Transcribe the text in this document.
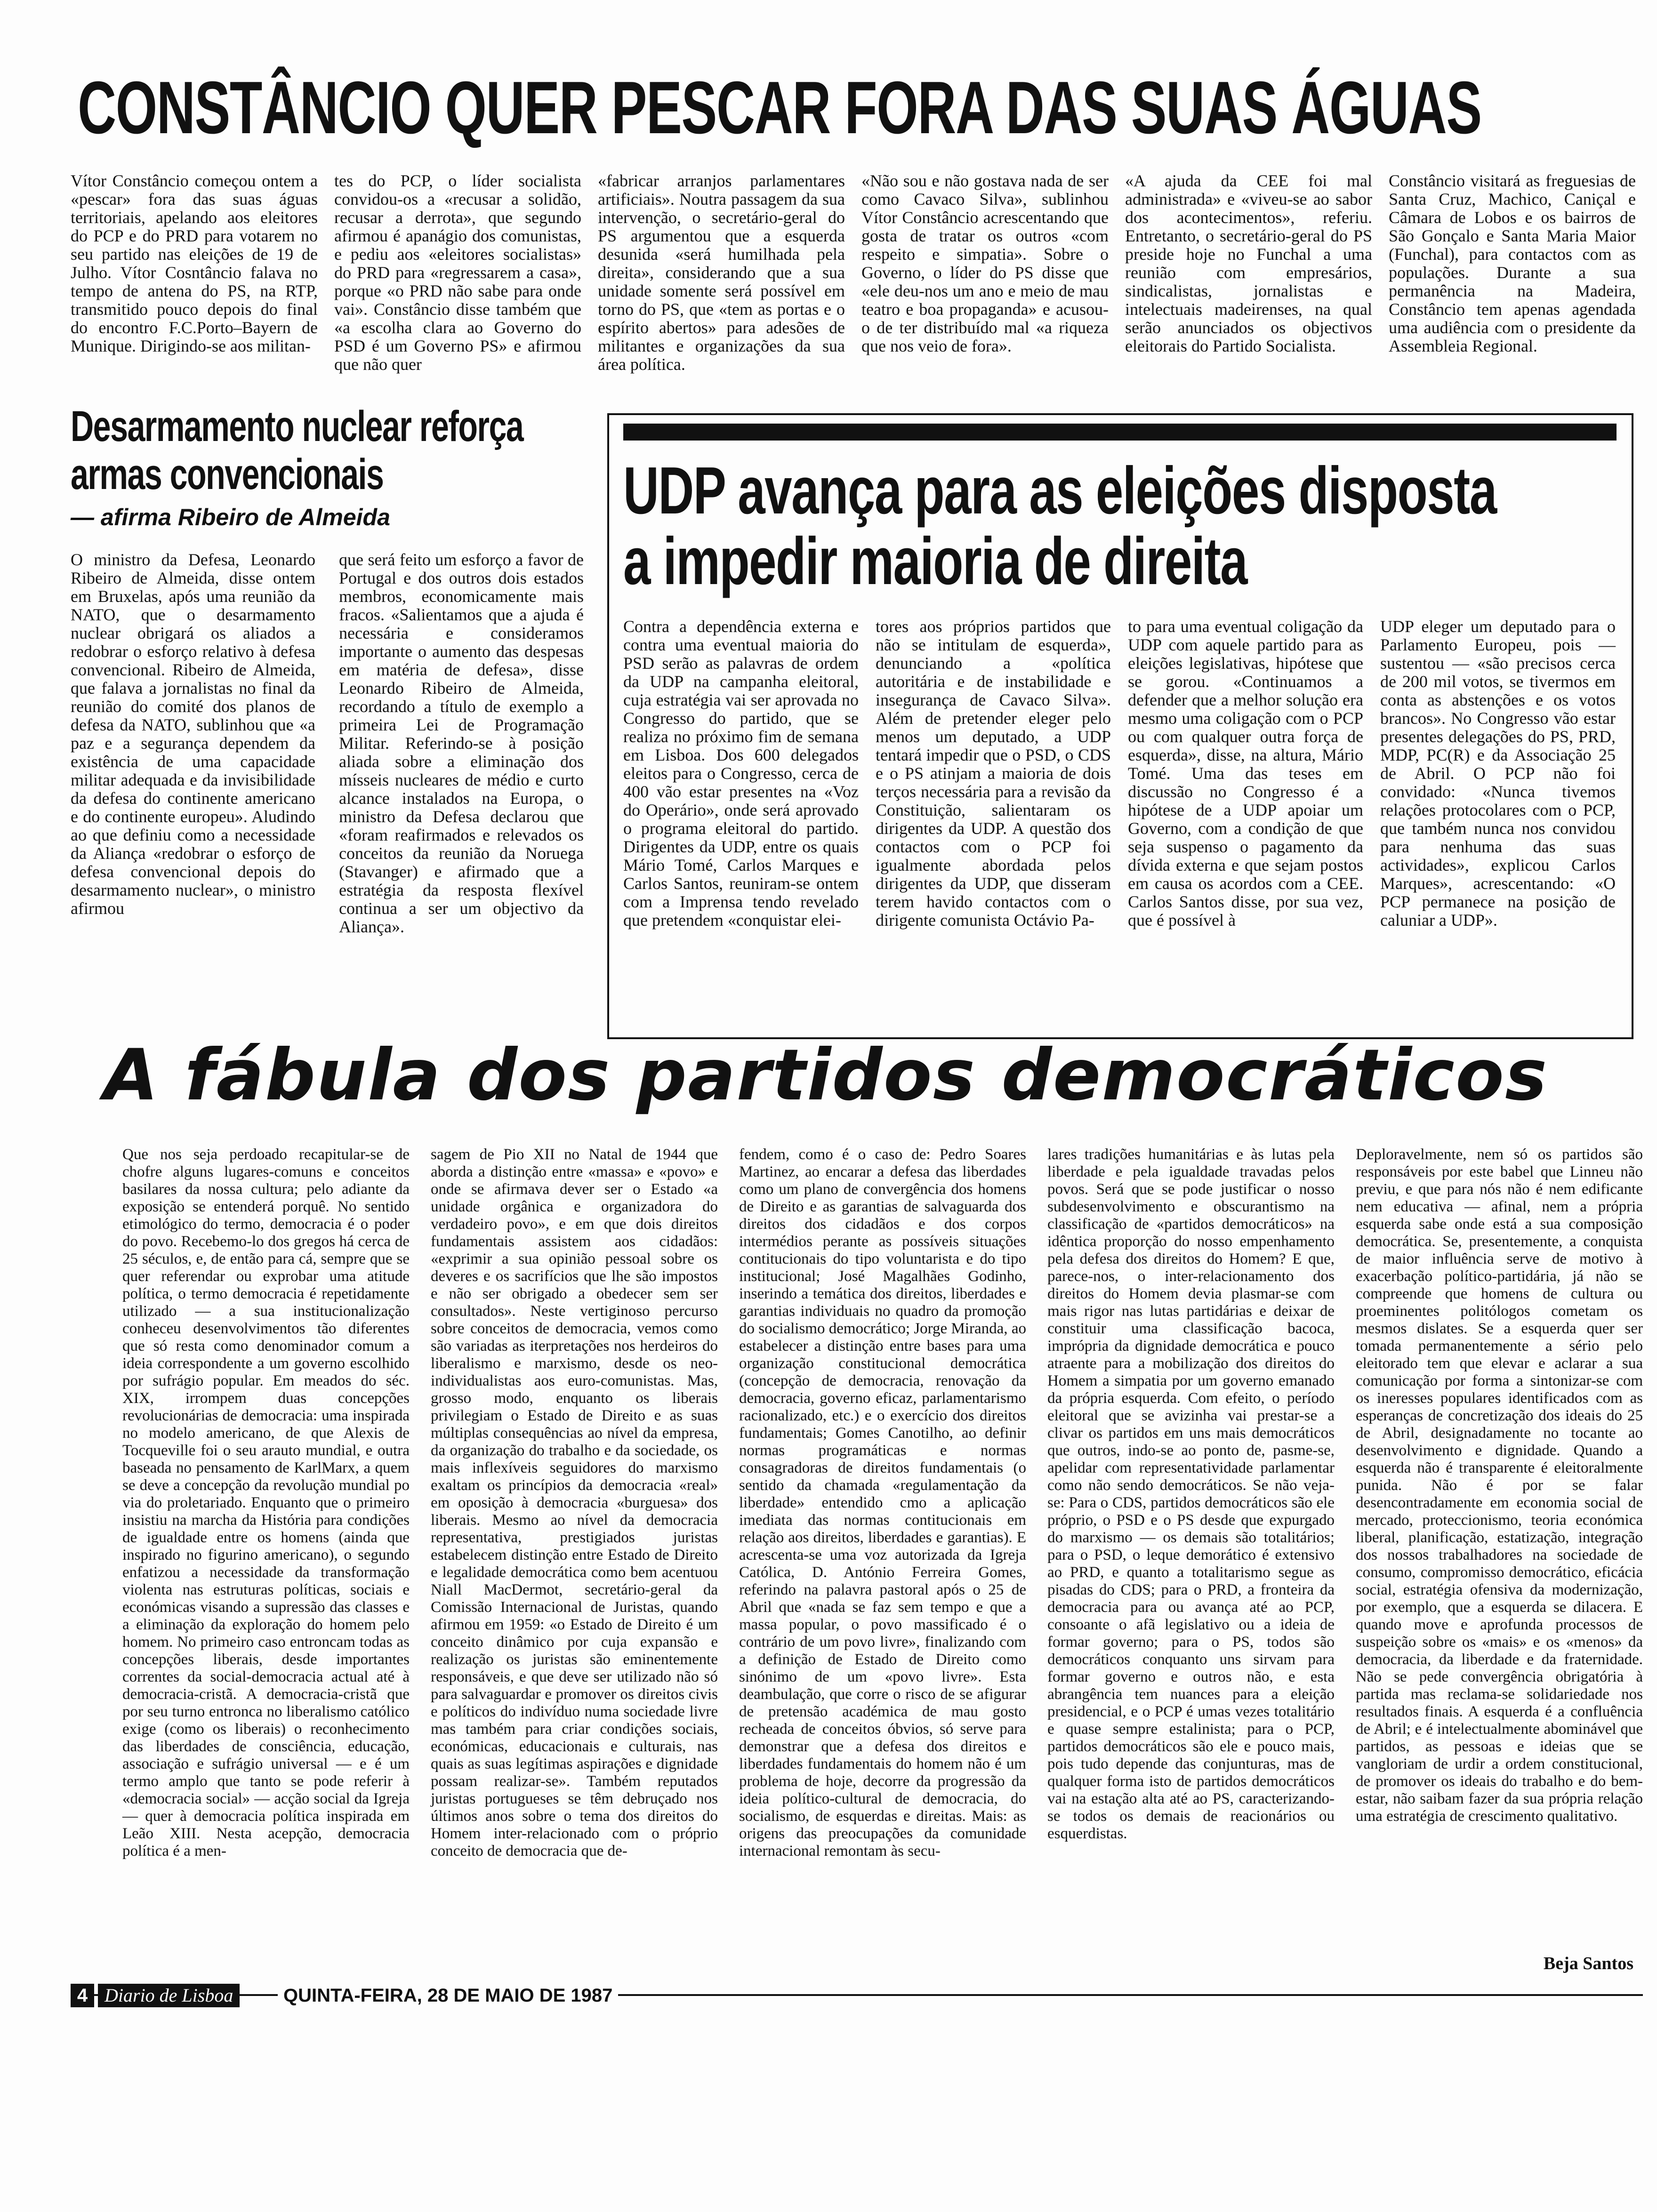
CONSTÂNCIO QUER PESCAR FORA DAS SUAS ÁGUAS
Vítor Constâncio começou ontem a «pescar» fora das suas águas territoriais, apelando aos eleitores do PCP e do PRD para votarem no seu partido nas eleições de 19 de Julho. Vítor Cosntâncio falava no tempo de antena do PS, na RTP, transmitido pouco depois do final do encontro F.C.Porto–Bayern de Munique. Dirigindo-se aos militan-
tes do PCP, o líder socialista convidou-os a «recusar a solidão, recusar a derrota», que segundo afirmou é apanágio dos comunistas, e pediu aos «eleitores socialistas» do PRD para «regressarem a casa», porque «o PRD não sabe para onde vai». Constâncio disse também que «a escolha clara ao Governo do PSD é um Governo PS» e afirmou que não quer
«fabricar arranjos parlamentares artificiais». Noutra passagem da sua intervenção, o secretário-geral do PS argumentou que a esquerda desunida «será humilhada pela direita», considerando que a sua unidade somente será possível em torno do PS, que «tem as portas e o espírito abertos» para adesões de militantes e organizações da sua área política.
«Não sou e não gostava nada de ser como Cavaco Silva», sublinhou Vítor Constâncio acrescentando que gosta de tratar os outros «com respeito e simpatia». Sobre o Governo, o líder do PS disse que «ele deu-nos um ano e meio de mau teatro e boa propaganda» e acusou-o de ter distribuído mal «a riqueza que nos veio de fora».
«A ajuda da CEE foi mal administrada» e «viveu-se ao sabor dos acontecimentos», referiu. Entretanto, o secretário-geral do PS preside hoje no Funchal a uma reunião com empresários, sindicalistas, jornalistas e intelectuais madeirenses, na qual serão anunciados os objectivos eleitorais do Partido Socialista.
Constâncio visitará as freguesias de Santa Cruz, Machico, Caniçal e Câmara de Lobos e os bairros de São Gonçalo e Santa Maria Maior (Funchal), para contactos com as populações. Durante a sua permanência na Madeira, Constâncio tem apenas agendada uma audiência com o presidente da Assembleia Regional.
Desarmamento nuclear reforça
armas convencionais
— afirma Ribeiro de Almeida
O ministro da Defesa, Leonardo Ribeiro de Almeida, disse ontem em Bruxelas, após uma reunião da NATO, que o desarmamento nuclear obrigará os aliados a redobrar o esforço relativo à defesa convencional. Ribeiro de Almeida, que falava a jornalistas no final da reunião do comité dos planos de defesa da NATO, sublinhou que «a paz e a segurança dependem da existência de uma capacidade militar adequada e da invisibilidade da defesa do continente americano e do continente europeu». Aludindo ao que definiu como a necessidade da Aliança «redobrar o esforço de defesa convencional depois do desarmamento nuclear», o ministro afirmou
que será feito um esforço a favor de Portugal e dos outros dois estados membros, economicamente mais fracos. «Salientamos que a ajuda é necessária e consideramos importante o aumento das despesas em matéria de defesa», disse Leonardo Ribeiro de Almeida, recordando a título de exemplo a primeira Lei de Programação Militar. Referindo-se à posição aliada sobre a eliminação dos mísseis nucleares de médio e curto alcance instalados na Europa, o ministro da Defesa declarou que «foram reafirmados e relevados os conceitos da reunião da Noruega (Stavanger) e afirmado que a estratégia da resposta flexível continua a ser um objectivo da Aliança».
UDP avança para as eleições disposta
a impedir maioria de direita
Contra a dependência externa e contra uma eventual maioria do PSD serão as palavras de ordem da UDP na campanha eleitoral, cuja estratégia vai ser aprovada no Congresso do partido, que se realiza no próximo fim de semana em Lisboa. Dos 600 delegados eleitos para o Congresso, cerca de 400 vão estar presentes na «Voz do Operário», onde será aprovado o programa eleitoral do partido. Dirigentes da UDP, entre os quais Mário Tomé, Carlos Marques e Carlos Santos, reuniram-se ontem com a Imprensa tendo revelado que pretendem «conquistar elei-
tores aos próprios partidos que não se intitulam de esquerda», denunciando a «política autoritária e de instabilidade e insegurança de Cavaco Silva». Além de pretender eleger pelo menos um deputado, a UDP tentará impedir que o PSD, o CDS e o PS atinjam a maioria de dois terços necessária para a revisão da Constituição, salientaram os dirigentes da UDP. A questão dos contactos com o PCP foi igualmente abordada pelos dirigentes da UDP, que disseram terem havido contactos com o dirigente comunista Octávio Pa-
to para uma eventual coligação da UDP com aquele partido para as eleições legislativas, hipótese que se gorou. «Continuamos a defender que a melhor solução era mesmo uma coligação com o PCP ou com qualquer outra força de esquerda», disse, na altura, Mário Tomé. Uma das teses em discussão no Congresso é a hipótese de a UDP apoiar um Governo, com a condição de que seja suspenso o pagamento da dívida externa e que sejam postos em causa os acordos com a CEE. Carlos Santos disse, por sua vez, que é possível à
UDP eleger um deputado para o Parlamento Europeu, pois — sustentou — «são precisos cerca de 200 mil votos, se tivermos em conta as abstenções e os votos brancos». No Congresso vão estar presentes delegações do PS, PRD, MDP, PC(R) e da Associação 25 de Abril. O PCP não foi convidado: «Nunca tivemos relações protocolares com o PCP, que também nunca nos convidou para nenhuma das suas actividades», explicou Carlos Marques», acrescentando: «O PCP permanece na posição de caluniar a UDP».
A fábula dos partidos democráticos
Que nos seja perdoado recapitular-se de chofre alguns lugares-comuns e conceitos basilares da nossa cultura; pelo adiante da exposição se entenderá porquê. No sentido etimológico do termo, democracia é o poder do povo. Recebemo-lo dos gregos há cerca de 25 séculos, e, de então para cá, sempre que se quer referendar ou exprobar uma atitude política, o termo democracia é repetidamente utilizado — a sua institucionalização conheceu desenvolvimentos tão diferentes que só resta como denominador comum a ideia correspondente a um governo escolhido por sufrágio popular. Em meados do séc. XIX, irrompem duas concepções revolucionárias de democracia: uma inspirada no modelo americano, de que Alexis de Tocqueville foi o seu arauto mundial, e outra baseada no pensamento de KarlMarx, a quem se deve a concepção da revolução mundial po via do proletariado. Enquanto que o primeiro insistiu na marcha da História para condições de igualdade entre os homens (ainda que inspirado no figurino americano), o segundo enfatizou a necessidade da transformação violenta nas estruturas políticas, sociais e económicas visando a supressão das classes e a eliminação da exploração do homem pelo homem. No primeiro caso entroncam todas as concepções liberais, desde importantes correntes da social-democracia actual até à democracia-cristã. A democracia-cristã que por seu turno entronca no liberalismo católico exige (como os liberais) o reconhecimento das liberdades de consciência, educação, associação e sufrágio universal — e é um termo amplo que tanto se pode referir à «democracia social» — acção social da Igreja — quer à democracia política inspirada em Leão XIII. Nesta acepção, democracia política é a men-
sagem de Pio XII no Natal de 1944 que aborda a distinção entre «massa» e «povo» e onde se afirmava dever ser o Estado «a unidade orgânica e organizadora do verdadeiro povo», e em que dois direitos fundamentais assistem aos cidadãos: «exprimir a sua opinião pessoal sobre os deveres e os sacrifícios que lhe são impostos e não ser obrigado a obedecer sem ser consultados». Neste vertiginoso percurso sobre conceitos de democracia, vemos como são variadas as iterpretações nos herdeiros do liberalismo e marxismo, desde os neo-individualistas aos euro-comunistas. Mas, grosso modo, enquanto os liberais privilegiam o Estado de Direito e as suas múltiplas consequências ao nível da empresa, da organização do trabalho e da sociedade, os mais inflexíveis seguidores do marxismo exaltam os princípios da democracia «real» em oposição à democracia «burguesa» dos liberais. Mesmo ao nível da democracia representativa, prestigiados juristas estabelecem distinção entre Estado de Direito e legalidade democrática como bem acentuou Niall MacDermot, secretário-geral da Comissão Internacional de Juristas, quando afirmou em 1959: «o Estado de Direito é um conceito dinâmico por cuja expansão e realização os juristas são eminentemente responsáveis, e que deve ser utilizado não só para salvaguardar e promover os direitos civis e políticos do indivíduo numa sociedade livre mas também para criar condições sociais, económicas, educacionais e culturais, nas quais as suas legítimas aspirações e dignidade possam realizar-se». Também reputados juristas portugueses se têm debruçado nos últimos anos sobre o tema dos direitos do Homem inter-relacionado com o próprio conceito de democracia que de-
fendem, como é o caso de: Pedro Soares Martinez, ao encarar a defesa das liberdades como um plano de convergência dos homens de Direito e as garantias de salvaguarda dos direitos dos cidadãos e dos corpos intermédios perante as possíveis situações contitucionais do tipo voluntarista e do tipo institucional; José Magalhães Godinho, inserindo a temática dos direitos, liberdades e garantias individuais no quadro da promoção do socialismo democrático; Jorge Miranda, ao estabelecer a distinção entre bases para uma organização constitucional democrática (concepção de democracia, renovação da democracia, governo eficaz, parlamentarismo racionalizado, etc.) e o exercício dos direitos fundamentais; Gomes Canotilho, ao definir normas programáticas e normas consagradoras de direitos fundamentais (o sentido da chamada «regulamentação da liberdade» entendido cmo a aplicação imediata das normas contitucionais em relação aos direitos, liberdades e garantias). E acrescenta-se uma voz autorizada da Igreja Católica, D. António Ferreira Gomes, referindo na palavra pastoral após o 25 de Abril que «nada se faz sem tempo e que a massa popular, o povo massificado é o contrário de um povo livre», finalizando com a definição de Estado de Direito como sinónimo de um «povo livre». Esta deambulação, que corre o risco de se afigurar de pretensão académica de mau gosto recheada de conceitos óbvios, só serve para demonstrar que a defesa dos direitos e liberdades fundamentais do homem não é um problema de hoje, decorre da progressão da ideia político-cultural de democracia, do socialismo, de esquerdas e direitas. Mais: as origens das preocupações da comunidade internacional remontam às secu-
lares tradições humanitárias e às lutas pela liberdade e pela igualdade travadas pelos povos. Será que se pode justificar o nosso subdesenvolvimento e obscurantismo na classificação de «partidos democráticos» na idêntica proporção do nosso empenhamento pela defesa dos direitos do Homem? E que, parece-nos, o inter-relacionamento dos direitos do Homem devia plasmar-se com mais rigor nas lutas partidárias e deixar de constituir uma classificação bacoca, imprópria da dignidade democrática e pouco atraente para a mobilização dos direitos do Homem a simpatia por um governo emanado da própria esquerda. Com efeito, o período eleitoral que se avizinha vai prestar-se a clivar os partidos em uns mais democráticos que outros, indo-se ao ponto de, pasme-se, apelidar com representatividade parlamentar como não sendo democráticos. Se não veja-se: Para o CDS, partidos democráticos são ele próprio, o PSD e o PS desde que expurgado do marxismo — os demais são totalitários; para o PSD, o leque demorático é extensivo ao PRD, e quanto a totalitarismo segue as pisadas do CDS; para o PRD, a fronteira da democracia para ou avança até ao PCP, consoante o afã legislativo ou a ideia de formar governo; para o PS, todos são democráticos conquanto uns sirvam para formar governo e outros não, e esta abrangência tem nuances para a eleição presidencial, e o PCP é umas vezes totalitário e quase sempre estalinista; para o PCP, partidos democráticos são ele e pouco mais, pois tudo depende das conjunturas, mas de qualquer forma isto de partidos democráticos vai na estação alta até ao PS, caracterizando-se todos os demais de reacionários ou esquerdistas.
Deploravelmente, nem só os partidos são responsáveis por este babel que Linneu não previu, e que para nós não é nem edificante nem educativa — afinal, nem a própria esquerda sabe onde está a sua composição democrática. Se, presentemente, a conquista de maior influência serve de motivo à exacerbação político-partidária, já não se compreende que homens de cultura ou proeminentes politólogos cometam os mesmos dislates. Se a esquerda quer ser tomada permanentemente a sério pelo eleitorado tem que elevar e aclarar a sua comunicação por forma a sintonizar-se com os ineresses populares identificados com as esperanças de concretização dos ideais do 25 de Abril, designadamente no tocante ao desenvolvimento e dignidade. Quando a esquerda não é transparente é eleitoralmente punida. Não é por se falar desencontradamente em economia social de mercado, proteccionismo, teoria económica liberal, planificação, estatização, integração dos nossos trabalhadores na sociedade de consumo, compromisso democrático, eficácia social, estratégia ofensiva da modernização, por exemplo, que a esquerda se dilacera. E quando move e aprofunda processos de suspeição sobre os «mais» e os «menos» da democracia, da liberdade e da fraternidade. Não se pede convergência obrigatória à partida mas reclama-se solidariedade nos resultados finais. A esquerda é a confluência de Abril; e é intelectualmente abominável que partidos, as pessoas e ideias que se vangloriam de urdir a ordem constitucional, de promover os ideais do trabalho e do bem-estar, não saibam fazer da sua própria relação uma estratégia de crescimento qualitativo.
Beja Santos
4 Diario de Lisboa	QUINTA-FEIRA, 28 DE MAIO DE 1987
